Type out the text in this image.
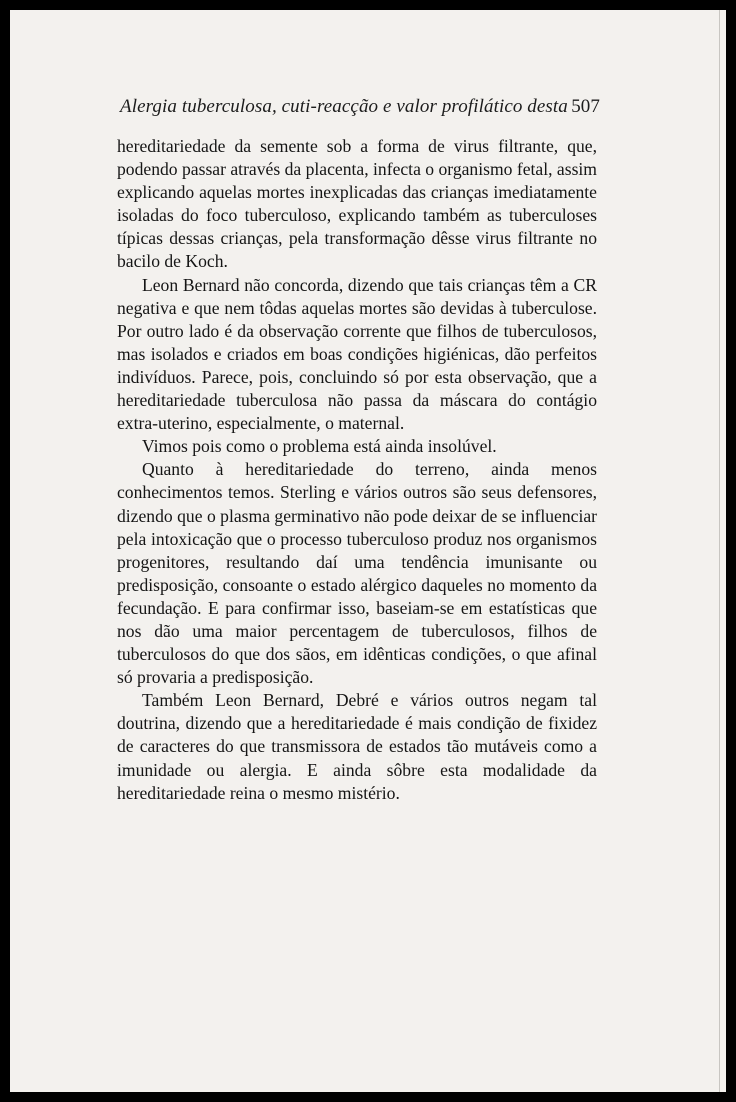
Alergia tuberculosa, cuti-reacção e valor profilático desta 507

hereditariedade da semente sob a forma de virus filtrante, que, podendo passar através da placenta, infecta o organismo fetal, assim explicando aquelas mortes inexplicadas das crianças imediatamente isoladas do foco tuberculoso, explicando também as tuberculoses típicas dessas crianças, pela transformação dêsse virus filtrante no bacilo de Koch.

Leon Bernard não concorda, dizendo que tais crianças têm a CR negativa e que nem tôdas aquelas mortes são devidas à tuberculose. Por outro lado é da observação corrente que filhos de tuberculosos, mas isolados e criados em boas condições higiénicas, dão perfeitos indivíduos. Parece, pois, concluindo só por esta observação, que a hereditariedade tuberculosa não passa da máscara do contágio extra-uterino, especialmente, o maternal.

Vimos pois como o problema está ainda insolúvel.

Quanto à hereditariedade do terreno, ainda menos conhecimentos temos. Sterling e vários outros são seus defensores, dizendo que o plasma germinativo não pode deixar de se influenciar pela intoxicação que o processo tuberculoso produz nos organismos progenitores, resultando daí uma tendência imunisante ou predisposição, consoante o estado alérgico daqueles no momento da fecundação. E para confirmar isso, baseiam-se em estatísticas que nos dão uma maior percentagem de tuberculosos, filhos de tuberculosos do que dos sãos, em idênticas condições, o que afinal só provaria a predisposição.

Também Leon Bernard, Debré e vários outros negam tal doutrina, dizendo que a hereditariedade é mais condição de fixidez de caracteres do que transmissora de estados tão mutáveis como a imunidade ou alergia. E ainda sôbre esta modalidade da hereditariedade reina o mesmo mistério.
